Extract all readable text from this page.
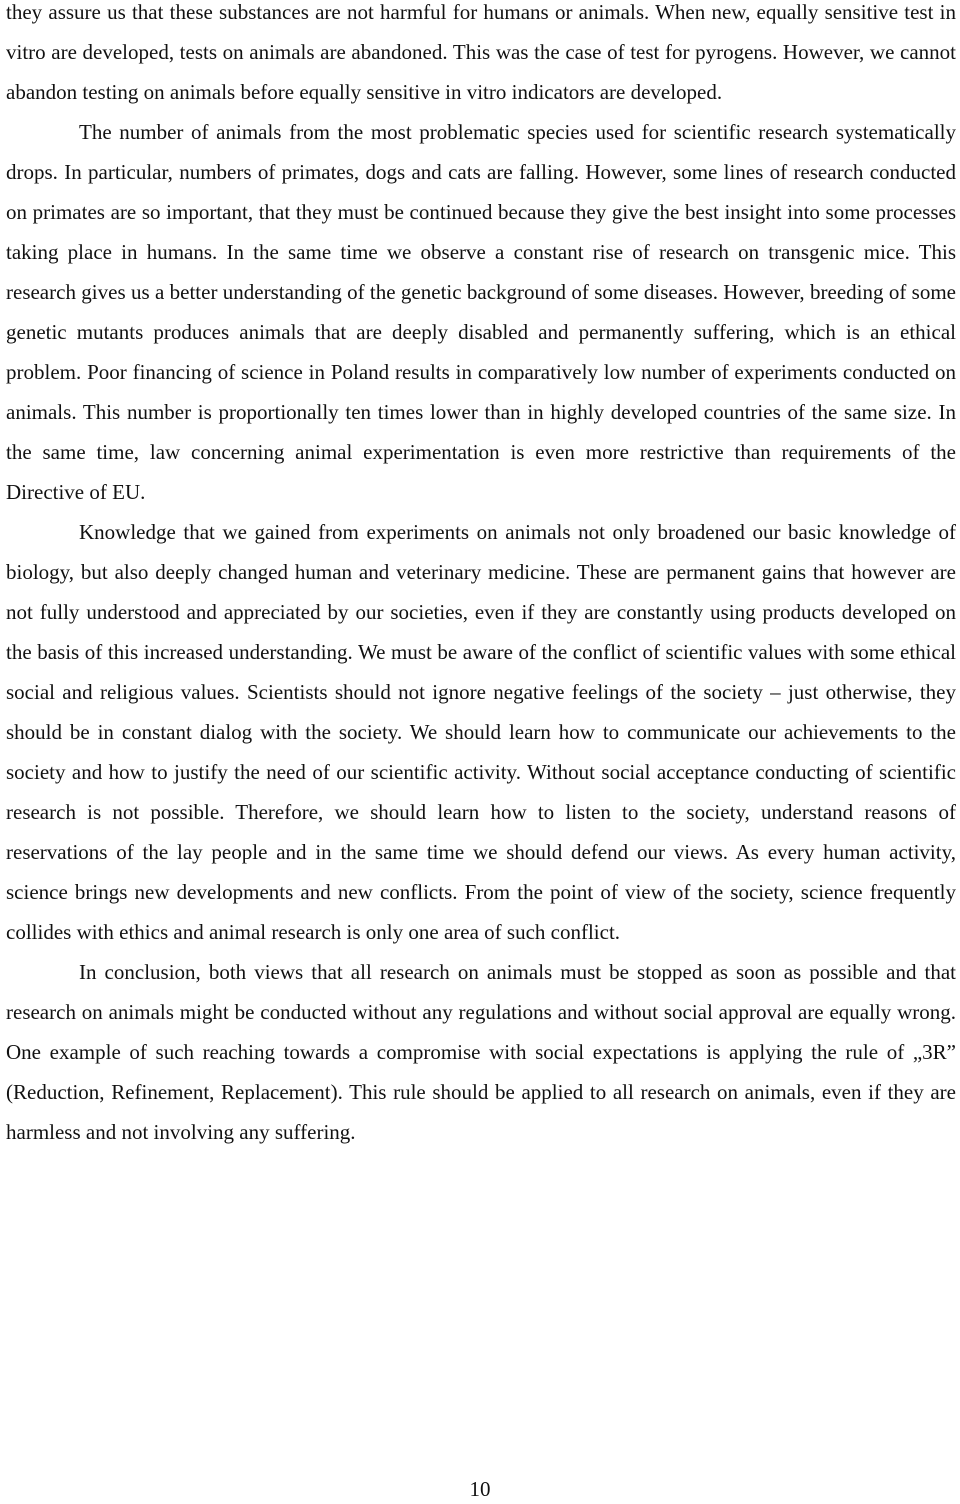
they assure us that these substances are not harmful for humans or animals. When new, equally sensitive test in vitro are developed, tests on animals are abandoned. This was the case of test for pyrogens. However, we cannot abandon testing on animals before equally sensitive in vitro indicators are developed.

The number of animals from the most problematic species used for scientific research systematically drops. In particular, numbers of primates, dogs and cats are falling. However, some lines of research conducted on primates are so important, that they must be continued because they give the best insight into some processes taking place in humans. In the same time we observe a constant rise of research on transgenic mice. This research gives us a better understanding of the genetic background of some diseases. However, breeding of some genetic mutants produces animals that are deeply disabled and permanently suffering, which is an ethical problem. Poor financing of science in Poland results in comparatively low number of experiments conducted on animals. This number is proportionally ten times lower than in highly developed countries of the same size. In the same time, law concerning animal experimentation is even more restrictive than requirements of the Directive of EU.

Knowledge that we gained from experiments on animals not only broadened our basic knowledge of biology, but also deeply changed human and veterinary medicine. These are permanent gains that however are not fully understood and appreciated by our societies, even if they are constantly using products developed on the basis of this increased understanding. We must be aware of the conflict of scientific values with some ethical social and religious values. Scientists should not ignore negative feelings of the society – just otherwise, they should be in constant dialog with the society. We should learn how to communicate our achievements to the society and how to justify the need of our scientific activity. Without social acceptance conducting of scientific research is not possible. Therefore, we should learn how to listen to the society, understand reasons of reservations of the lay people and in the same time we should defend our views. As every human activity, science brings new developments and new conflicts. From the point of view of the society, science frequently collides with ethics and animal research is only one area of such conflict.

In conclusion, both views that all research on animals must be stopped as soon as possible and that research on animals might be conducted without any regulations and without social approval are equally wrong. One example of such reaching towards a compromise with social expectations is applying the rule of „3R” (Reduction, Refinement, Replacement). This rule should be applied to all research on animals, even if they are harmless and not involving any suffering.

10
